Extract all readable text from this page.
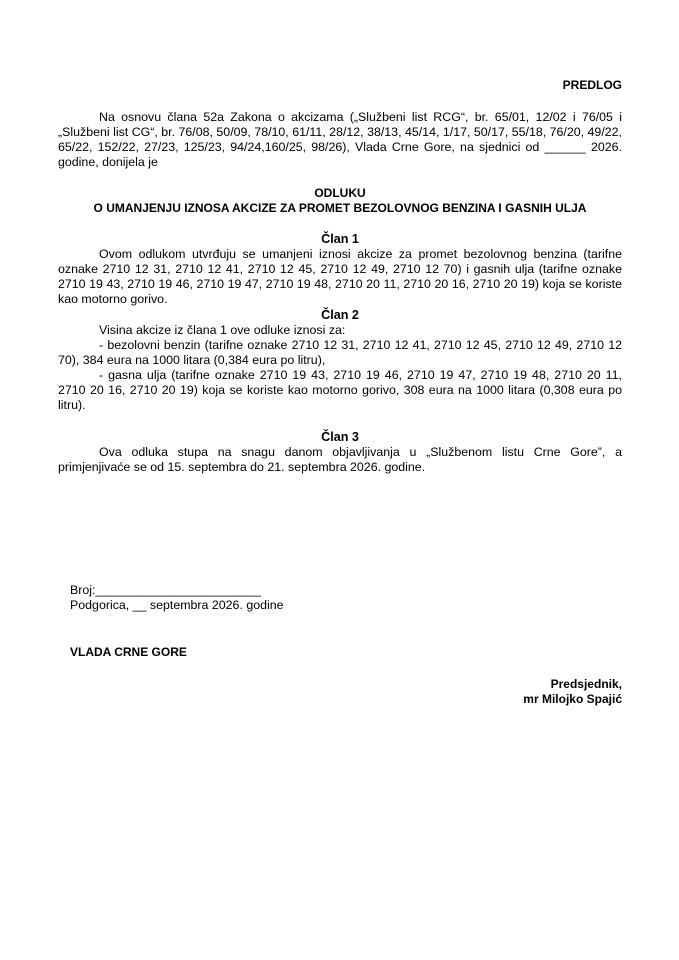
PREDLOG
Na osnovu člana 52a Zakona o akcizama („Službeni list RCG“, br. 65/01, 12/02 i 76/05 i „Službeni list CG“, br. 76/08, 50/09, 78/10, 61/11, 28/12, 38/13, 45/14, 1/17, 50/17, 55/18, 76/20, 49/22, 65/22, 152/22, 27/23, 125/23, 94/24,160/25, 98/26), Vlada Crne Gore, na sjednici od ______ 2026. godine, donijela je
ODLUKU
O UMANJENJU IZNOSA AKCIZE ZA PROMET BEZOLOVNOG BENZINA I GASNIH ULJA
Član 1
Ovom odlukom utvrđuju se umanjeni iznosi akcize za promet bezolovnog benzina (tarifne oznake 2710 12 31, 2710 12 41, 2710 12 45, 2710 12 49, 2710 12 70) i gasnih ulja (tarifne oznake 2710 19 43, 2710 19 46, 2710 19 47, 2710 19 48, 2710 20 11, 2710 20 16, 2710 20 19) koja se koriste kao motorno gorivo.
Član 2
Visina akcize iz člana 1 ove odluke iznosi za:
- bezolovni benzin (tarifne oznake 2710 12 31, 2710 12 41, 2710 12 45, 2710 12 49, 2710 12 70), 384 eura na 1000 litara (0,384 eura po litru),
- gasna ulja (tarifne oznake 2710 19 43, 2710 19 46, 2710 19 47, 2710 19 48, 2710 20 11, 2710 20 16, 2710 20 19) koja se koriste kao motorno gorivo, 308 eura na 1000 litara (0,308 eura po litru).
Član 3
Ova odluka stupa na snagu danom objavljivanja u „Službenom listu Crne Gore”, a primjenjivaće se od 15. septembra do 21. septembra 2026. godine.
Broj:________________________
Podgorica, __ septembra 2026. godine
VLADA CRNE GORE
Predsjednik,
mr Milojko Spajić
